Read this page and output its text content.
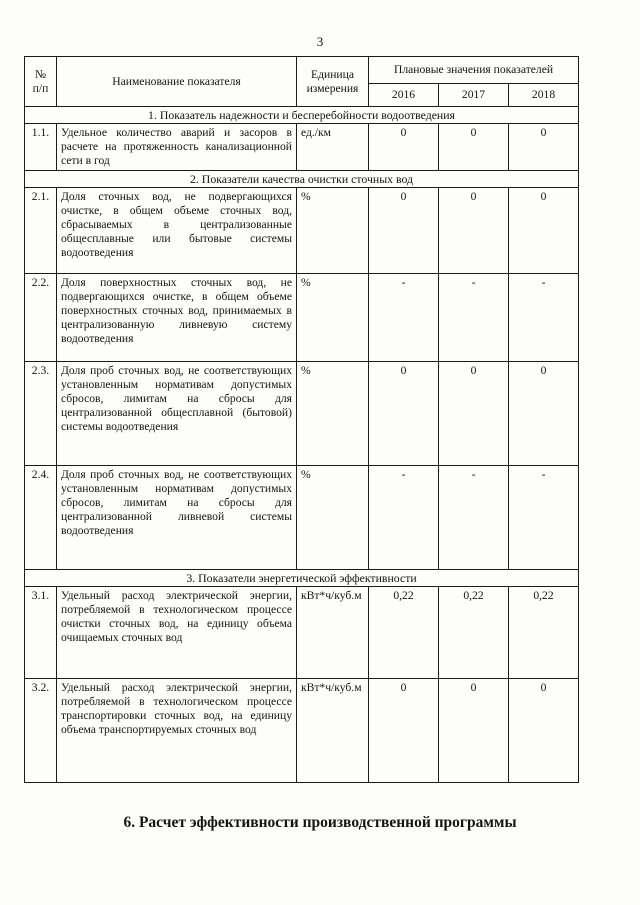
3
№ п/п	Наименование показателя	Единица измерения	Плановые значения показателей		
			2016	2017	2018
1. Показатель надежности и бесперебойности водоотведения					
1.1.	Удельное количество аварий и засоров в расчете на протяженность канализационной сети в год	ед./км	0	0	0
2. Показатели качества очистки сточных вод					
2.1.	Доля сточных вод, не подвергающихся очистке, в общем объеме сточных вод, сбрасываемых в централизованные общесплавные или бытовые системы водоотведения	%	0	0	0
2.2.	Доля поверхностных сточных вод, не подвергающихся очистке, в общем объеме поверхностных сточных вод, принимаемых в централизованную ливневую систему водоотведения	%	-	-	-
2.3.	Доля проб сточных вод, не соответствующих установленным нормативам допустимых сбросов, лимитам на сбросы для централизованной общесплавной (бытовой) системы водоотведения	%	0	0	0
2.4.	Доля проб сточных вод, не соответствующих установленным нормативам допустимых сбросов, лимитам на сбросы для централизованной ливневой системы водоотведения	%	-	-	-
3. Показатели энергетической эффективности					
3.1.	Удельный расход электрической энергии, потребляемой в технологическом процессе очистки сточных вод, на единицу объема очищаемых сточных вод	кВт*ч/куб.м	0,22	0,22	0,22
3.2.	Удельный расход электрической энергии, потребляемой в технологическом процессе транспортировки сточных вод, на единицу объема транспортируемых сточных вод	кВт*ч/куб.м	0	0	0
6. Расчет эффективности производственной программы
